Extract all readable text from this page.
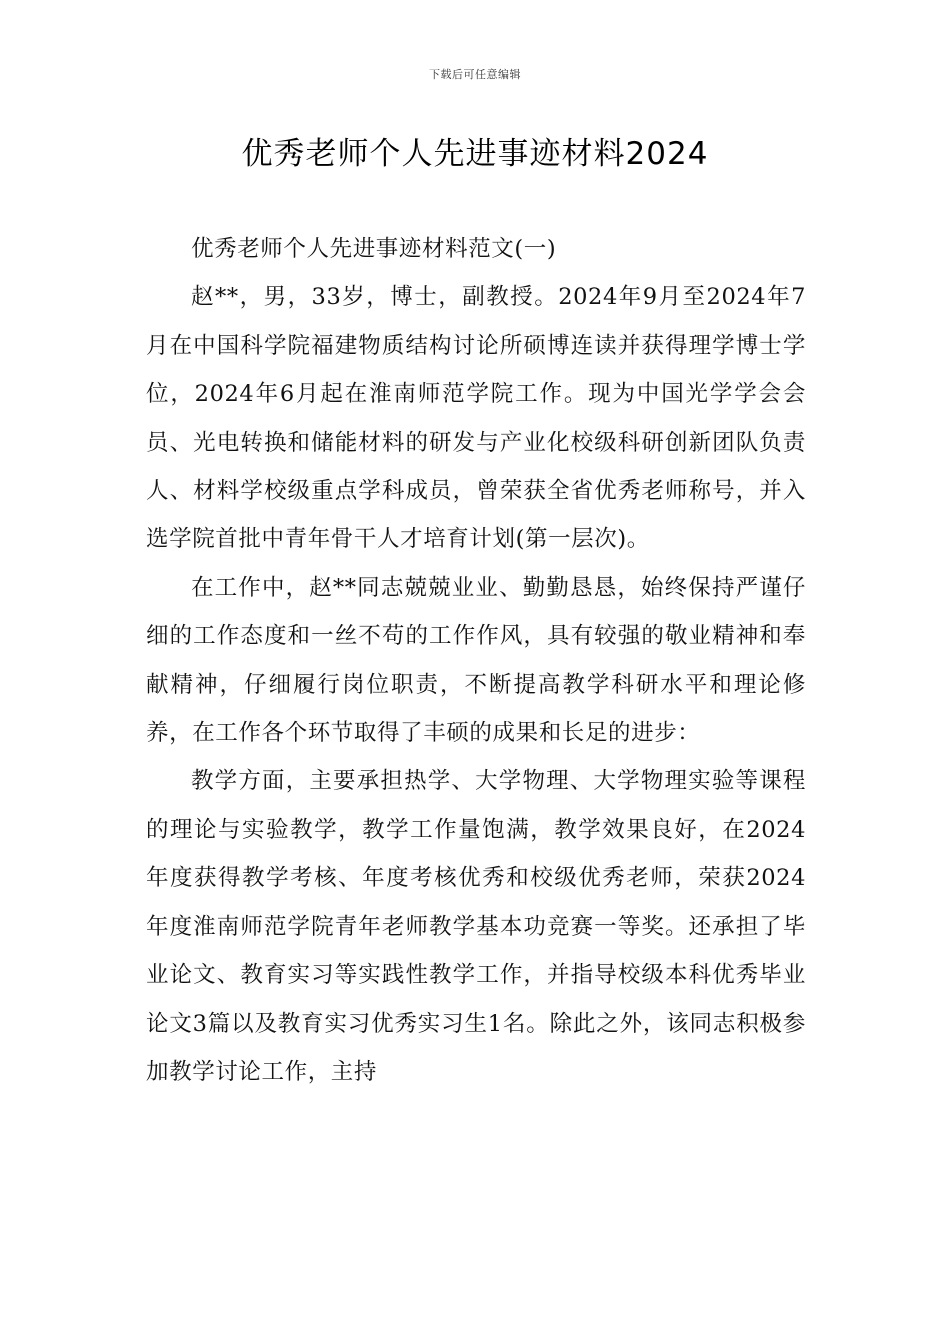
下载后可任意编辑
优秀老师个人先进事迹材料2024

优秀老师个人先进事迹材料范文(一)

赵**，男，33岁，博士，副教授。2024年9月至2024年7月在中国科学院福建物质结构讨论所硕博连读并获得理学博士学位，2024年6月起在淮南师范学院工作。现为中国光学学会会员、光电转换和储能材料的研发与产业化校级科研创新团队负责人、材料学校级重点学科成员，曾荣获全省优秀老师称号，并入选学院首批中青年骨干人才培育计划(第一层次)。

在工作中，赵**同志兢兢业业、勤勤恳恳，始终保持严谨仔细的工作态度和一丝不苟的工作作风，具有较强的敬业精神和奉献精神，仔细履行岗位职责，不断提高教学科研水平和理论修养，在工作各个环节取得了丰硕的成果和长足的进步：

教学方面，主要承担热学、大学物理、大学物理实验等课程的理论与实验教学，教学工作量饱满，教学效果良好，在2024年度获得教学考核、年度考核优秀和校级优秀老师，荣获2024年度淮南师范学院青年老师教学基本功竞赛一等奖。还承担了毕业论文、教育实习等实践性教学工作，并指导校级本科优秀毕业论文3篇以及教育实习优秀实习生1名。除此之外，该同志积极参加教学讨论工作，主持
